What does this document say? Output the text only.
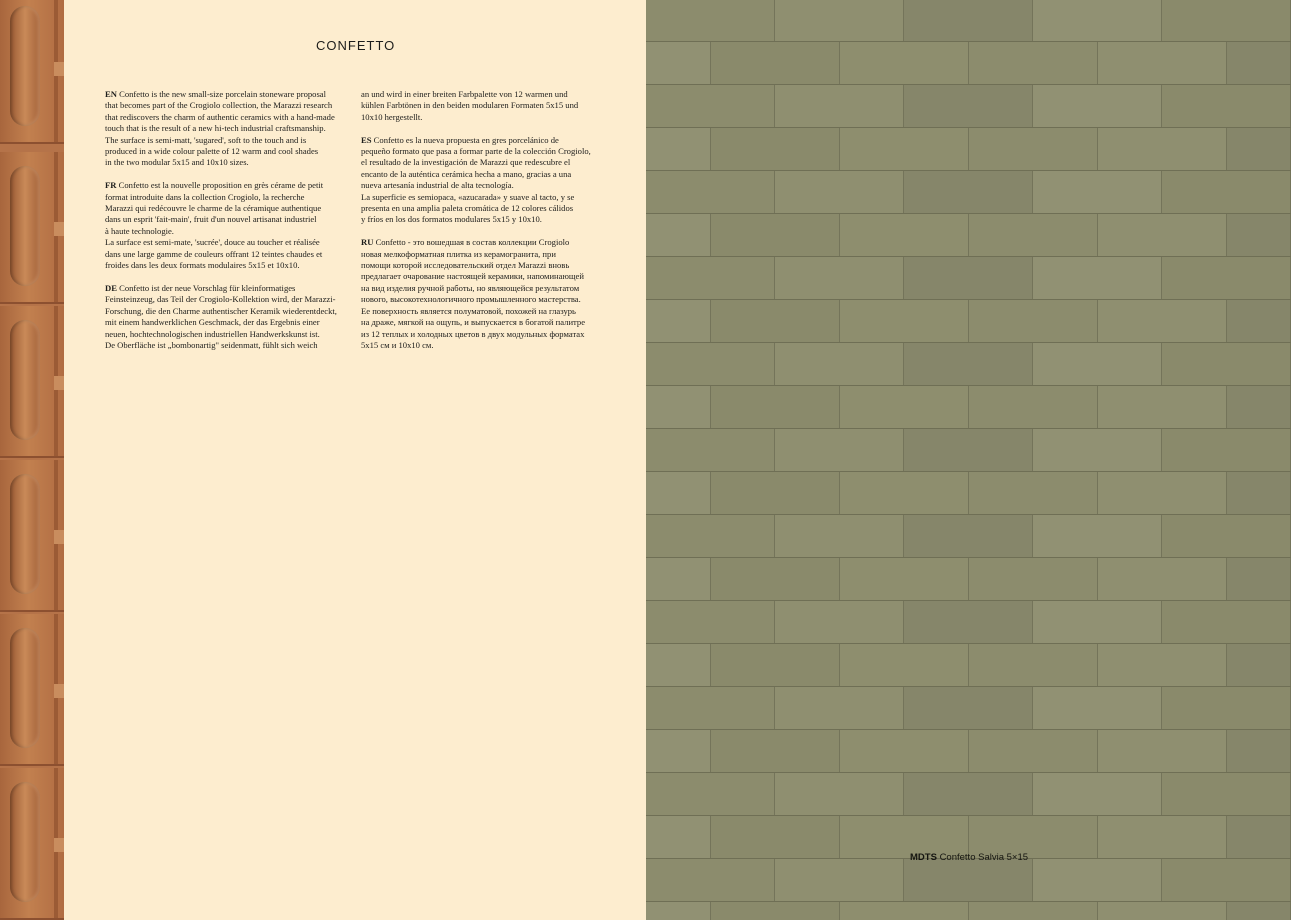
CONFETTO

EN Confetto is the new small-size porcelain stoneware proposal
that becomes part of the Crogiolo collection, the Marazzi research
that rediscovers the charm of authentic ceramics with a hand-made
touch that is the result of a new hi-tech industrial craftsmanship.
The surface is semi-matt, 'sugared', soft to the touch and is
produced in a wide colour palette of 12 warm and cool shades
in the two modular 5x15 and 10x10 sizes.

FR Confetto est la nouvelle proposition en grès cérame de petit
format introduite dans la collection Crogiolo, la recherche
Marazzi qui redécouvre le charme de la céramique authentique
dans un esprit 'fait-main', fruit d'un nouvel artisanat industriel
à haute technologie.
La surface est semi-mate, 'sucrée', douce au toucher et réalisée
dans une large gamme de couleurs offrant 12 teintes chaudes et
froides dans les deux formats modulaires 5x15 et 10x10.

DE Confetto ist der neue Vorschlag für kleinformatiges
Feinsteinzeug, das Teil der Crogiolo-Kollektion wird, der Marazzi-
Forschung, die den Charme authentischer Keramik wiederentdeckt,
mit einem handwerklichen Geschmack, der das Ergebnis einer
neuen, hochtechnologischen industriellen Handwerkskunst ist.
De Oberfläche ist „bombonartig" seidenmatt, fühlt sich weich

an und wird in einer breiten Farbpalette von 12 warmen und
kühlen Farbtönen in den beiden modularen Formaten 5x15 und
10x10 hergestellt.

ES Confetto es la nueva propuesta en gres porcelánico de
pequeño formato que pasa a formar parte de la colección Crogiolo,
el resultado de la investigación de Marazzi que redescubre el
encanto de la auténtica cerámica hecha a mano, gracias a una
nueva artesanía industrial de alta tecnología.
La superficie es semiopaca, «azucarada» y suave al tacto, y se
presenta en una amplia paleta cromática de 12 colores cálidos
y fríos en los dos formatos modulares 5x15 y 10x10.

RU Confetto - это вошедшая в состав коллекции Crogiolo
новая мелкоформатная плитка из керамогранита, при
помощи которой исследовательский отдел Marazzi вновь
предлагает очарование настоящей керамики, напоминающей
на вид изделия ручной работы, но являющейся результатом
нового, высокотехнологичного промышленного мастерства.
Ее поверхность является полуматовой, похожей на глазурь
на драже, мягкой на ощупь, и выпускается в богатой палитре
из 12 теплых и холодных цветов в двух модульных форматах
5x15 см и 10x10 см.

MDTS Confetto Salvia 5×15
